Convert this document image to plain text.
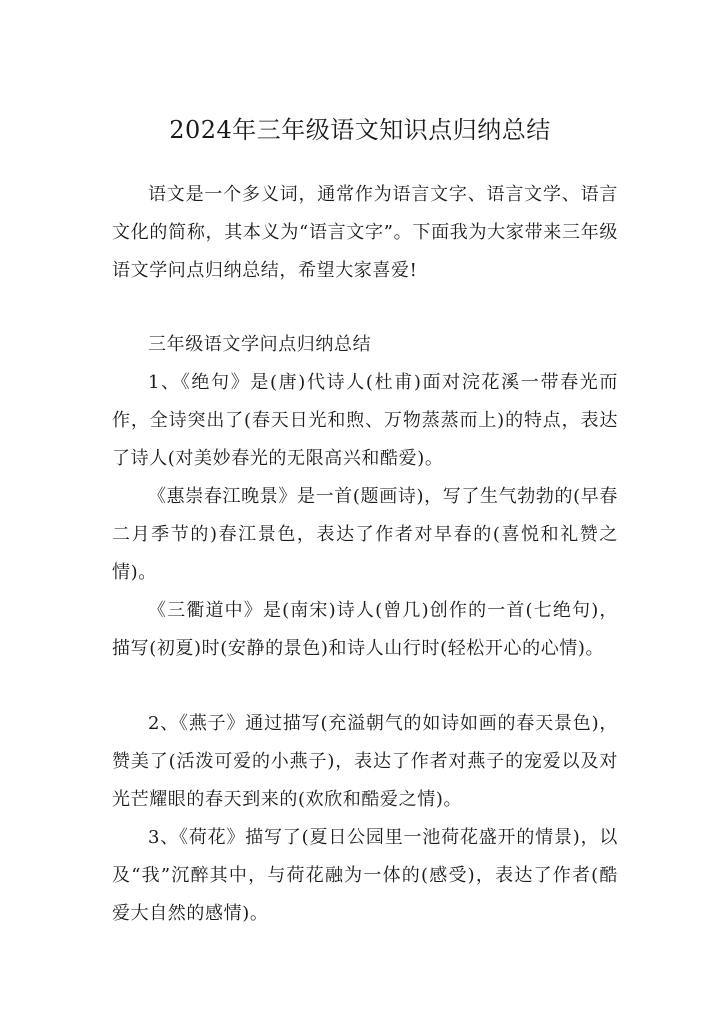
2024年三年级语文知识点归纳总结

语文是一个多义词，通常作为语言文字、语言文学、语言文化的简称，其本义为“语言文字”。下面我为大家带来三年级语文学问点归纳总结，希望大家喜爱!

三年级语文学问点归纳总结

1、《绝句》是(唐)代诗人(杜甫)面对浣花溪一带春光而作，全诗突出了(春天日光和煦、万物蒸蒸而上)的特点，表达了诗人(对美妙春光的无限高兴和酷爱)。

《惠崇春江晚景》是一首(题画诗)，写了生气勃勃的(早春二月季节的)春江景色，表达了作者对早春的(喜悦和礼赞之情)。

《三衢道中》是(南宋)诗人(曾几)创作的一首(七绝句)，描写(初夏)时(安静的景色)和诗人山行时(轻松开心的心情)。

2、《燕子》通过描写(充溢朝气的如诗如画的春天景色)，赞美了(活泼可爱的小燕子)，表达了作者对燕子的宠爱以及对光芒耀眼的春天到来的(欢欣和酷爱之情)。

3、《荷花》描写了(夏日公园里一池荷花盛开的情景)，以及“我”沉醉其中，与荷花融为一体的(感受)，表达了作者(酷爱大自然的感情)。
